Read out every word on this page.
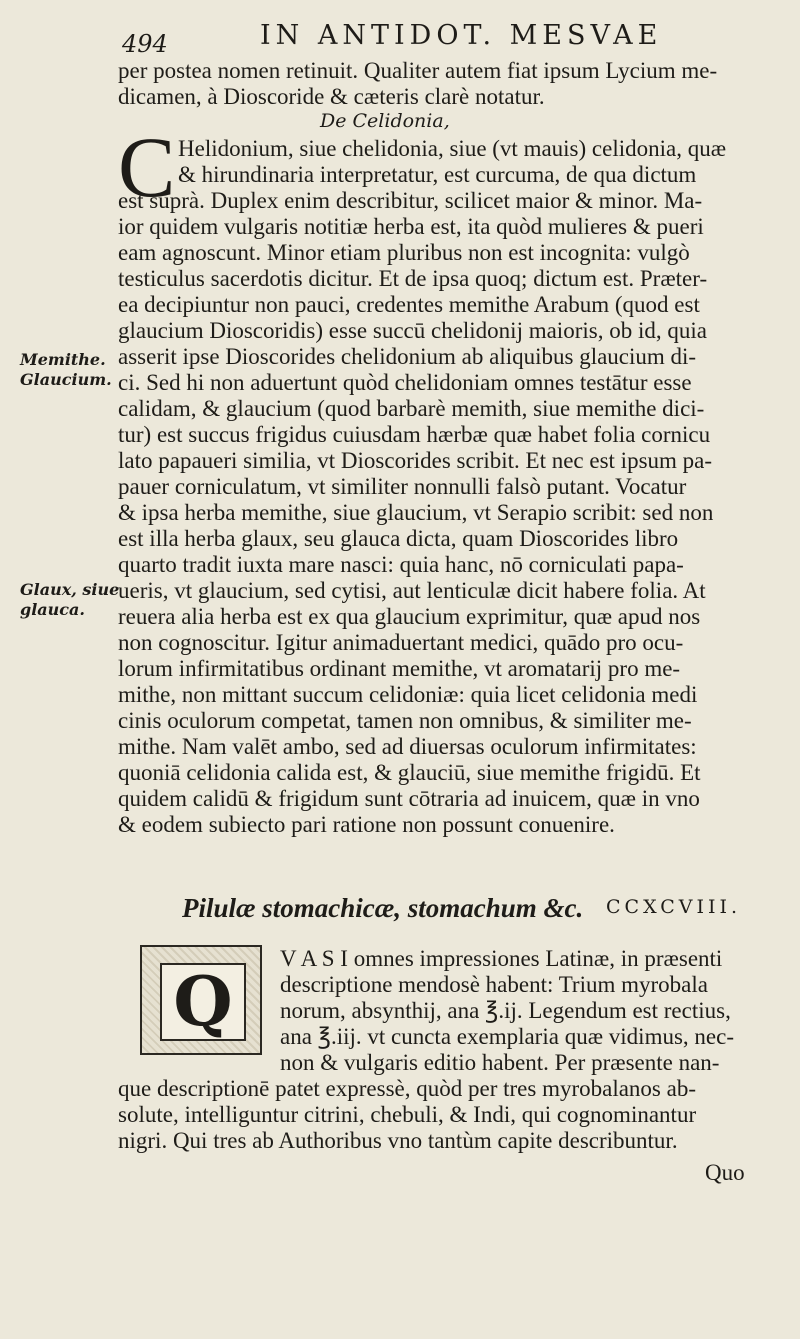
494	IN ANTIDOT. MESVAE
Memithe.
Glaucium.
Glaux, siue
glauca.
per postea nomen retinuit. Qualiter autem fiat ipsum Lycium me-
dicamen, à Dioscoride & cæteris clarè notatur.
De Celidonia,
C Helidonium, siue chelidonia, siue (vt mauis) celidonia, quæ
& hirundinaria interpretatur, est curcuma, de qua dictum
est suprà. Duplex enim describitur, scilicet maior & minor. Ma-
ior quidem vulgaris notitiæ herba est, ita quòd mulieres & pueri
eam agnoscunt. Minor etiam pluribus non est incognita: vulgò
testiculus sacerdotis dicitur. Et de ipsa quoq; dictum est. Præter-
ea decipiuntur non pauci, credentes memithe Arabum (quod est
glaucium Dioscoridis) esse succū chelidonij maioris, ob id, quia
asserit ipse Dioscorides chelidonium ab aliquibus glaucium di-
ci. Sed hi non aduertunt quòd chelidoniam omnes testātur esse
calidam, & glaucium (quod barbarè memith, siue memithe dici-
tur) est succus frigidus cuiusdam hærbæ quæ habet folia cornicu
lato papaueri similia, vt Dioscorides scribit. Et nec est ipsum pa-
pauer corniculatum, vt similiter nonnulli falsò putant. Vocatur
& ipsa herba memithe, siue glaucium, vt Serapio scribit: sed non
est illa herba glaux, seu glauca dicta, quam Dioscorides libro
quarto tradit iuxta mare nasci: quia hanc, nō corniculati papa-
ueris, vt glaucium, sed cytisi, aut lenticulæ dicit habere folia. At
reuera alia herba est ex qua glaucium exprimitur, quæ apud nos
non cognoscitur. Igitur animaduertant medici, quādo pro ocu-
lorum infirmitatibus ordinant memithe, vt aromatarij pro me-
mithe, non mittant succum celidoniæ: quia licet celidonia medi
cinis oculorum competat, tamen non omnibus, & similiter me-
mithe. Nam valēt ambo, sed ad diuersas oculorum infirmitates:
quoniā celidonia calida est, & glauciū, siue memithe frigidū. Et
quidem calidū & frigidum sunt cōtraria ad inuicem, quæ in vno
& eodem subiecto pari ratione non possunt conuenire.
Pilulæ stomachicæ, stomachum &c. CCXCVIII.
Q
V A S I omnes impressiones Latinæ, in præsenti
descriptione mendosè habent: Trium myrobala
norum, absynthij, ana ℥.ij. Legendum est rectius,
ana ℥.iij. vt cuncta exemplaria quæ vidimus, nec-
non & vulgaris editio habent. Per præsente nan-
que descriptionē patet expressè, quòd per tres myrobalanos ab-
solute, intelliguntur citrini, chebuli, & Indi, qui cognominantur
nigri. Qui tres ab Authoribus vno tantùm capite describuntur.
Quo
